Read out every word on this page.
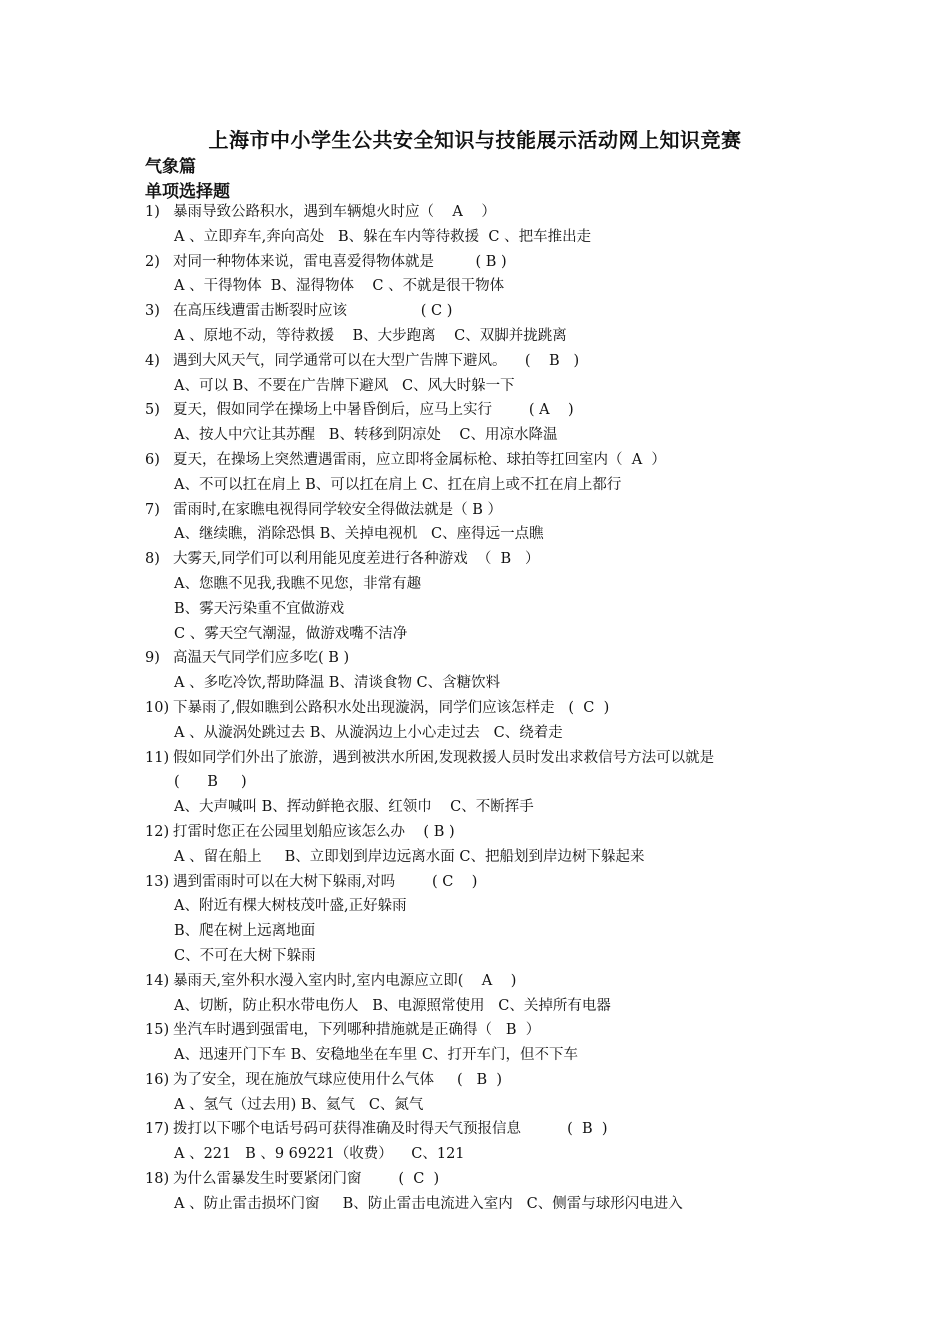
上海市中小学生公共安全知识与技能展示活动网上知识竞赛
气象篇
单项选择题
1) 暴雨导致公路积水，遇到车辆熄火时应（    A    ）
A 、立即弃车,奔向高处   B、躲在车内等待救援  C 、把车推出走
2) 对同一种物体来说，雷电喜爱得物体就是         ( B )
A 、干得物体  B、湿得物体    C 、不就是很干物体
3) 在高压线遭雷击断裂时应该                ( C )
A 、原地不动，等待救援    B、大步跑离    C、双脚并拢跳离
4) 遇到大风天气，同学通常可以在大型广告牌下避风。    (    B   )
A、可以 B、不要在广告牌下避风   C、风大时躲一下
5) 夏天，假如同学在操场上中暑昏倒后，应马上实行        ( A    )
A、按人中穴让其苏醒   B、转移到阴凉处    C、用凉水降温
6) 夏天，在操场上突然遭遇雷雨，应立即将金属标枪、球拍等扛回室内（  A  ）
A、不可以扛在肩上 B、可以扛在肩上 C、扛在肩上或不扛在肩上都行
7) 雷雨时,在家瞧电视得同学较安全得做法就是（ B ）
A、继续瞧，消除恐惧 B、关掉电视机   C、座得远一点瞧
8) 大雾天,同学们可以利用能见度差进行各种游戏  （  B   ）
A、您瞧不见我,我瞧不见您，非常有趣
B、雾天污染重不宜做游戏
C 、雾天空气潮湿，做游戏嘴不洁净
9) 高温天气同学们应多吃( B )
A 、多吃冷饮,帮助降温 B、清谈食物 C、含糖饮料
10) 下暴雨了,假如瞧到公路积水处出现漩涡，同学们应该怎样走   (  C  )
A 、从漩涡处跳过去 B、从漩涡边上小心走过去   C、绕着走
11) 假如同学们外出了旅游，遇到被洪水所困,发现救援人员时发出求救信号方法可以就是
(      B     )
A、大声喊叫 B、挥动鲜艳衣服、红领巾    C、不断挥手
12) 打雷时您正在公园里划船应该怎么办    ( B )
A 、留在船上     B、立即划到岸边远离水面 C、把船划到岸边树下躲起来
13) 遇到雷雨时可以在大树下躲雨,对吗        ( C    )
A、附近有棵大树枝茂叶盛,正好躲雨
B、爬在树上远离地面
C、不可在大树下躲雨
14) 暴雨天,室外积水漫入室内时,室内电源应立即(    A    )
A、切断，防止积水带电伤人   B、电源照常使用   C、关掉所有电器
15) 坐汽车时遇到强雷电，下列哪种措施就是正确得（   B  ）
A、迅速开门下车 B、安稳地坐在车里 C、打开车门，但不下车
16) 为了安全，现在施放气球应使用什么气体     (   B  )
A 、氢气（过去用) B、氦气   C、氮气
17) 拨打以下哪个电话号码可获得准确及时得天气预报信息          (  B  )
A 、221   B 、9 69221（收费）    C、121
18) 为什么雷暴发生时要紧闭门窗        (  C  )
A 、防止雷击损坏门窗     B、防止雷击电流进入室内   C、侧雷与球形闪电进入
